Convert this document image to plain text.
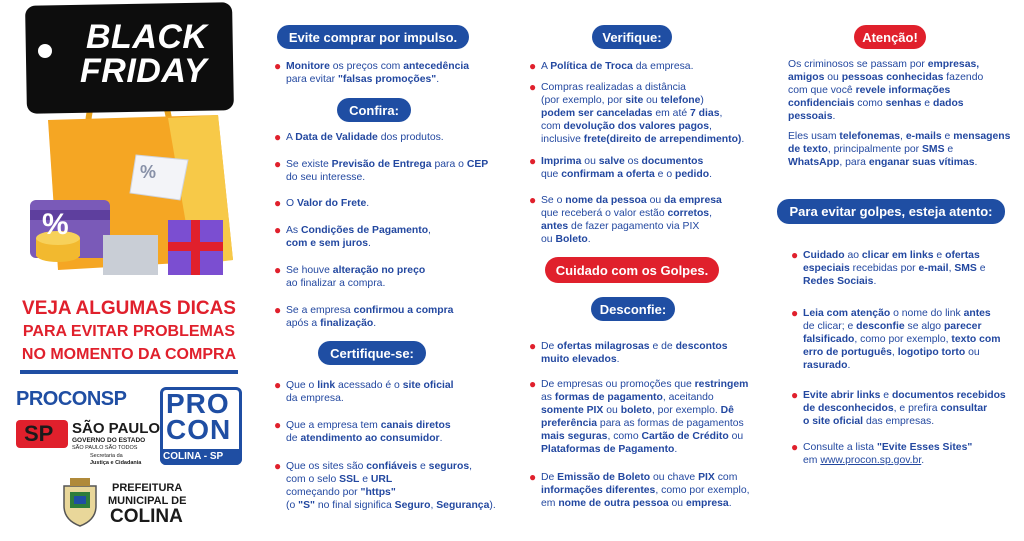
%
%
BLACK
FRIDAY
VEJA ALGUMAS DICAS
PARA EVITAR PROBLEMAS
NO MOMENTO DA COMPRA
PROCONSP
SP SÃO PAULO
GOVERNO DO ESTADO
SÃO PAULO SÃO TODOS
Secretaria da
Justiça e Cidadania
PRO
CON
COLINA - SP
PREFEITURA
MUNICIPAL DE
COLINA
Evite comprar por impulso.
● Monitore os preços com antecedência
para evitar "falsas promoções".
Confira:
● A Data de Validade dos produtos.
● Se existe Previsão de Entrega para o CEP
do seu interesse.
● O Valor do Frete.
● As Condições de Pagamento,
com e sem juros.
● Se houve alteração no preço
ao finalizar a compra.
● Se a empresa confirmou a compra
após a finalização.
Certifique-se:
● Que o link acessado é o site oficial
da empresa.
● Que a empresa tem canais diretos
de atendimento ao consumidor.
● Que os sites são confiáveis e seguros,
com o selo SSL e URL
começando por "https"
(o "S" no final significa Seguro, Segurança).
Verifique:
● A Política de Troca da empresa.
● Compras realizadas a distância
(por exemplo, por site ou telefone)
podem ser canceladas em até 7 dias,
com devolução dos valores pagos,
inclusive frete(direito de arrependimento).
● Imprima ou salve os documentos
que confirmam a oferta e o pedido.
● Se o nome da pessoa ou da empresa
que receberá o valor estão corretos,
antes de fazer pagamento via PIX
ou Boleto.
Cuidado com os Golpes.
Desconfie:
● De ofertas milagrosas e de descontos
muito elevados.
● De empresas ou promoções que restringem
as formas de pagamento, aceitando
somente PIX ou boleto, por exemplo. Dê
preferência para as formas de pagamentos
mais seguras, como Cartão de Crédito ou
Plataformas de Pagamento.
● De Emissão de Boleto ou chave PIX com
informações diferentes, como por exemplo,
em nome de outra pessoa ou empresa.
Atenção!
Os criminosos se passam por empresas,
amigos ou pessoas conhecidas fazendo
com que você revele informações
confidenciais como senhas e dados pessoais.
Eles usam telefonemas, e-mails e mensagens
de texto, principalmente por SMS e
WhatsApp, para enganar suas vítimas.
Para evitar golpes, esteja atento:
● Cuidado ao clicar em links e ofertas
especiais recebidas por e-mail, SMS e
Redes Sociais.
● Leia com atenção o nome do link antes
de clicar; e desconfie se algo parecer
falsificado, como por exemplo, texto com
erro de português, logotipo torto ou
rasurado.
● Evite abrir links e documentos recebidos
de desconhecidos, e prefira consultar
o site oficial das empresas.
● Consulte a lista "Evite Esses Sites"
em www.procon.sp.gov.br.
